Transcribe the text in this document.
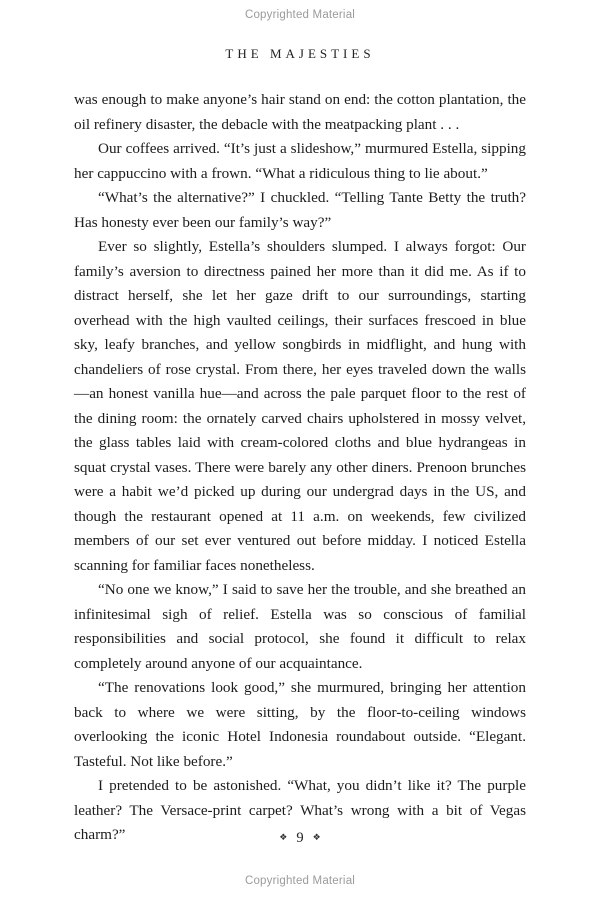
Copyrighted Material
THE MAJESTIES

was enough to make anyone’s hair stand on end: the cotton plantation, the oil refinery disaster, the debacle with the meatpacking plant . . .

Our coffees arrived. “It’s just a slideshow,” murmured Estella, sipping her cappuccino with a frown. “What a ridiculous thing to lie about.”

“What’s the alternative?” I chuckled. “Telling Tante Betty the truth? Has honesty ever been our family’s way?”

Ever so slightly, Estella’s shoulders slumped. I always forgot: Our family’s aversion to directness pained her more than it did me. As if to distract herself, she let her gaze drift to our surroundings, starting overhead with the high vaulted ceilings, their surfaces frescoed in blue sky, leafy branches, and yellow songbirds in midflight, and hung with chandeliers of rose crystal. From there, her eyes traveled down the walls—an honest vanilla hue—and across the pale parquet floor to the rest of the dining room: the ornately carved chairs upholstered in mossy velvet, the glass tables laid with cream-colored cloths and blue hydrangeas in squat crystal vases. There were barely any other diners. Prenoon brunches were a habit we’d picked up during our undergrad days in the US, and though the restaurant opened at 11 a.m. on weekends, few civilized members of our set ever ventured out before midday. I noticed Estella scanning for familiar faces nonetheless.

“No one we know,” I said to save her the trouble, and she breathed an infinitesimal sigh of relief. Estella was so conscious of familial responsibilities and social protocol, she found it difficult to relax completely around anyone of our acquaintance.

“The renovations look good,” she murmured, bringing her attention back to where we were sitting, by the floor-to-ceiling windows overlooking the iconic Hotel Indonesia roundabout outside. “Elegant. Tasteful. Not like before.”

I pretended to be astonished. “What, you didn’t like it? The purple leather? The Versace-print carpet? What’s wrong with a bit of Vegas charm?”	❖ 9 ❖
Copyrighted Material
